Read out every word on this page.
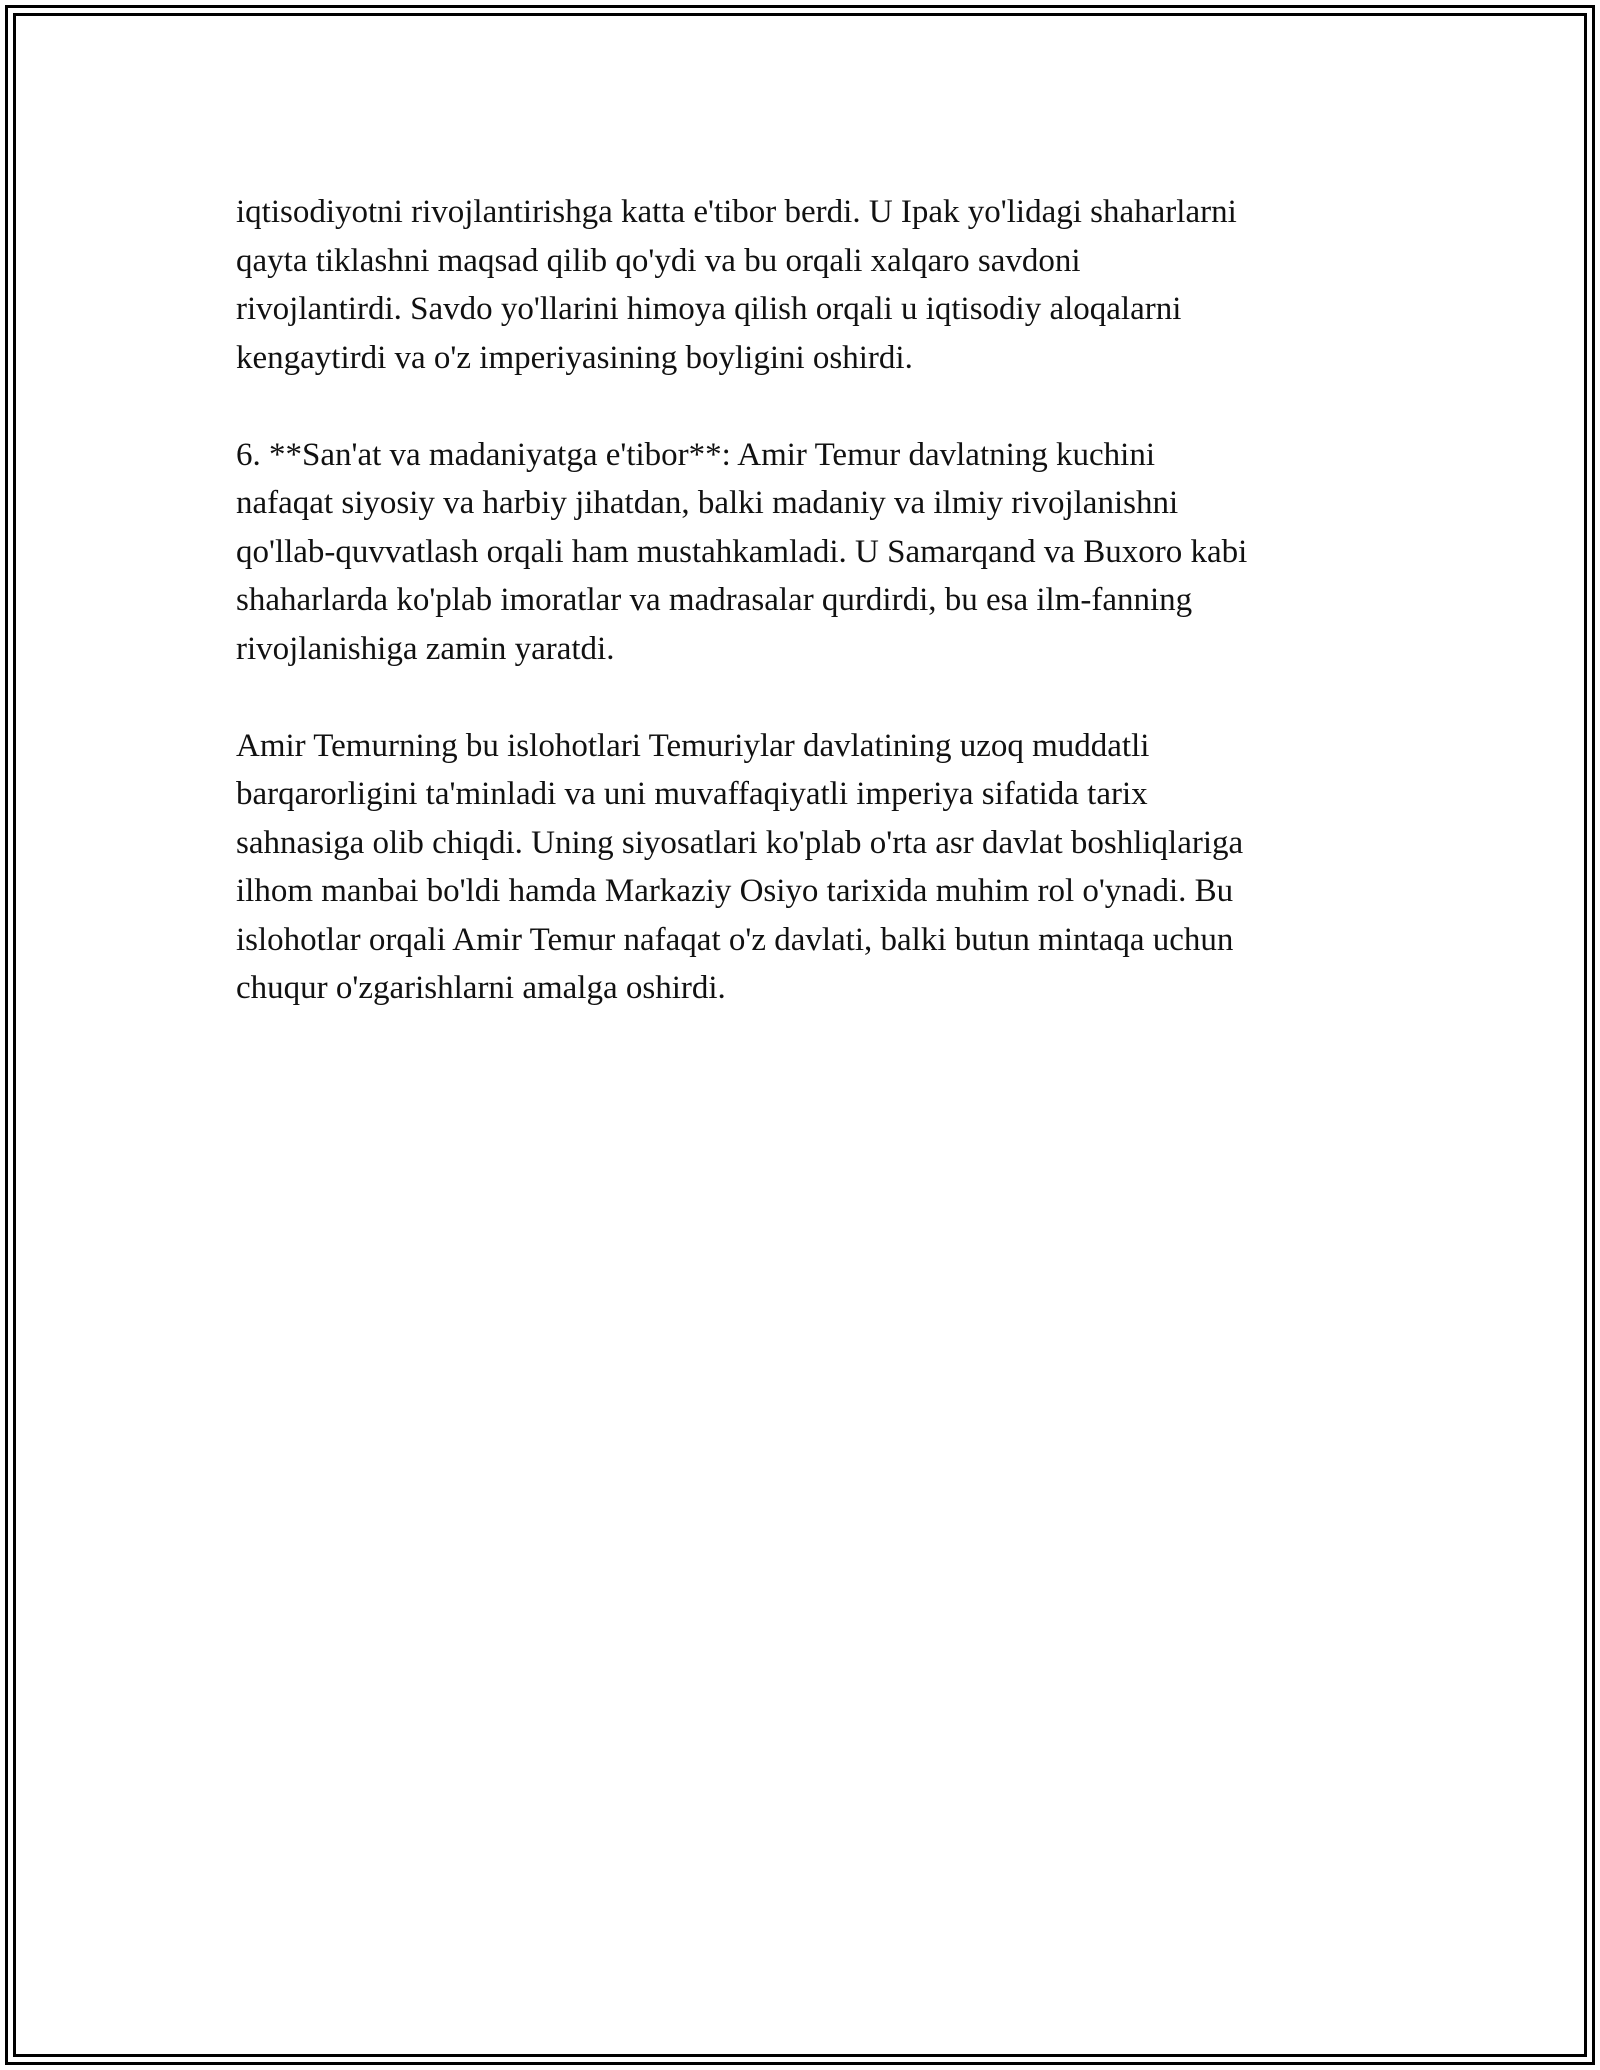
iqtisodiyotni rivojlantirishga katta e'tibor berdi. U Ipak yo'lidagi shaharlarni
qayta tiklashni maqsad qilib qo'ydi va bu orqali xalqaro savdoni
rivojlantirdi. Savdo yo'llarini himoya qilish orqali u iqtisodiy aloqalarni
kengaytirdi va o'z imperiyasining boyligini oshirdi.

6. **San'at va madaniyatga e'tibor**: Amir Temur davlatning kuchini
nafaqat siyosiy va harbiy jihatdan, balki madaniy va ilmiy rivojlanishni
qo'llab-quvvatlash orqali ham mustahkamladi. U Samarqand va Buxoro kabi
shaharlarda ko'plab imoratlar va madrasalar qurdirdi, bu esa ilm-fanning
rivojlanishiga zamin yaratdi.

Amir Temurning bu islohotlari Temuriylar davlatining uzoq muddatli
barqarorligini ta'minladi va uni muvaffaqiyatli imperiya sifatida tarix
sahnasiga olib chiqdi. Uning siyosatlari ko'plab o'rta asr davlat boshliqlariga
ilhom manbai bo'ldi hamda Markaziy Osiyo tarixida muhim rol o'ynadi. Bu
islohotlar orqali Amir Temur nafaqat o'z davlati, balki butun mintaqa uchun
chuqur o'zgarishlarni amalga oshirdi.
